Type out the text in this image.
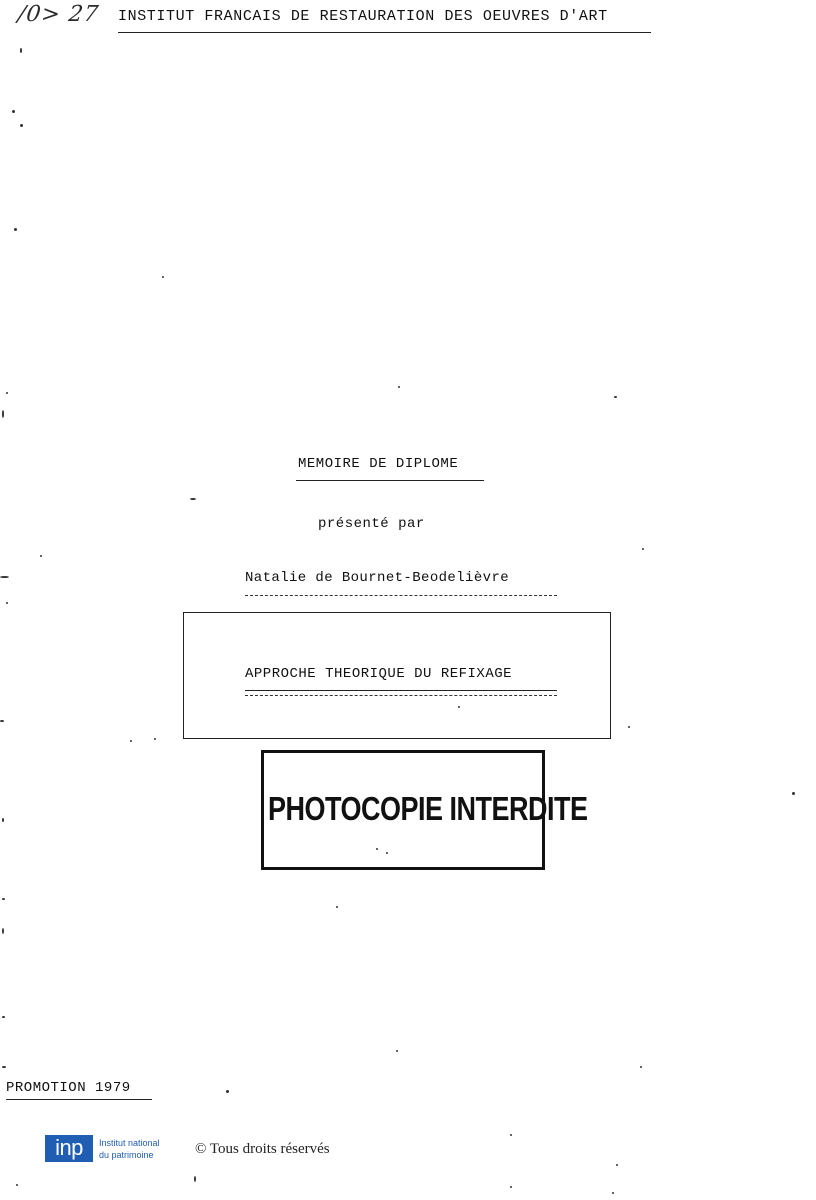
/0> 27 INSTITUT FRANCAIS DE RESTAURATION DES OEUVRES D'ART
MEMOIRE DE DIPLOME
présenté par
Natalie de Bournet-Beodelièvre
APPROCHE THEORIQUE DU REFIXAGE
PHOTOCOPIE INTERDITE
PROMOTION 1979
inp	Institut national
du patrimoine	© Tous droits réservés
